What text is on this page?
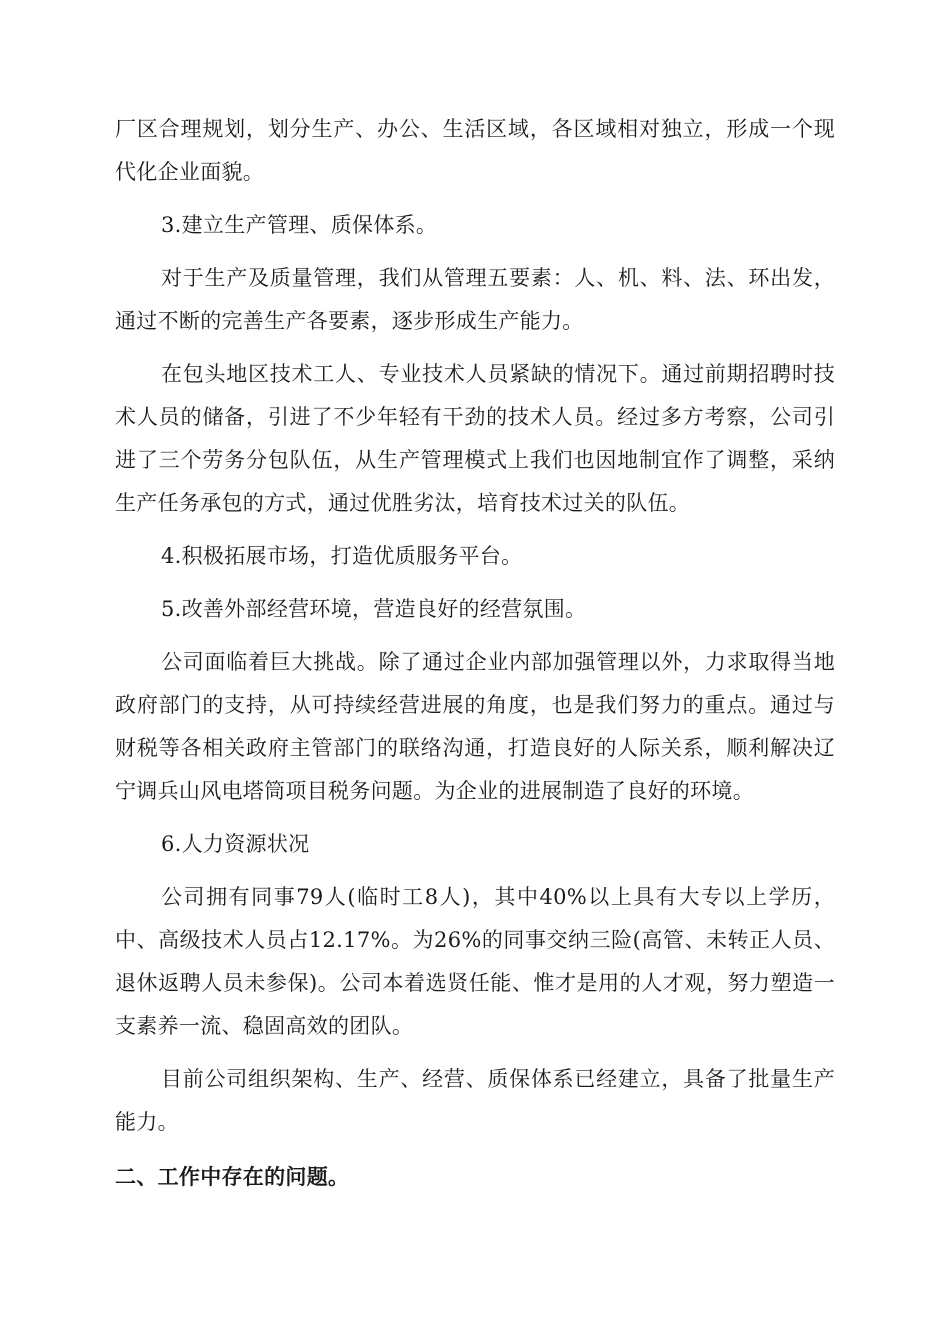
厂区合理规划，划分生产、办公、生活区域，各区域相对独立，形成一个现代化企业面貌。

3.建立生产管理、质保体系。

对于生产及质量管理，我们从管理五要素：人、机、料、法、环出发，通过不断的完善生产各要素，逐步形成生产能力。

在包头地区技术工人、专业技术人员紧缺的情况下。通过前期招聘时技术人员的储备，引进了不少年轻有干劲的技术人员。经过多方考察，公司引进了三个劳务分包队伍，从生产管理模式上我们也因地制宜作了调整，采纳生产任务承包的方式，通过优胜劣汰，培育技术过关的队伍。

4.积极拓展市场，打造优质服务平台。

5.改善外部经营环境，营造良好的经营氛围。

公司面临着巨大挑战。除了通过企业内部加强管理以外，力求取得当地政府部门的支持，从可持续经营进展的角度，也是我们努力的重点。通过与财税等各相关政府主管部门的联络沟通，打造良好的人际关系，顺利解决辽宁调兵山风电塔筒项目税务问题。为企业的进展制造了良好的环境。

6.人力资源状况

公司拥有同事79人(临时工8人)，其中40%以上具有大专以上学历，中、高级技术人员占12.17%。为26%的同事交纳三险(高管、未转正人员、退休返聘人员未参保)。公司本着选贤任能、惟才是用的人才观，努力塑造一支素养一流、稳固高效的团队。

目前公司组织架构、生产、经营、质保体系已经建立，具备了批量生产能力。

二、工作中存在的问题。
